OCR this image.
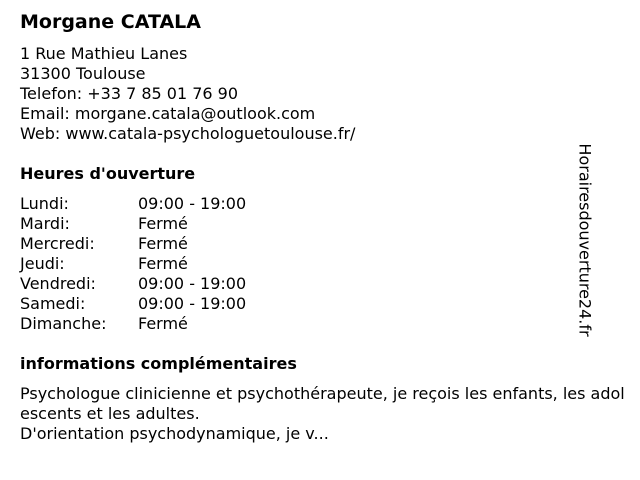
Morgane CATALA
1 Rue Mathieu Lanes
31300 Toulouse
Telefon: +33 7 85 01 76 90
Email: morgane.catala@outlook.com
Web: www.catala-psychologuetoulouse.fr/
Heures d'ouverture
Lundi:	09:00 - 19:00
Mardi:	Fermé
Mercredi:	Fermé
Jeudi:	Fermé
Vendredi:	09:00 - 19:00
Samedi:	09:00 - 19:00
Dimanche: Fermé
informations complémentaires
Psychologue clinicienne et psychothérapeute, je reçois les enfants, les adolescents et les adultes.
D'orientation psychodynamique, je v...
Horairesdouverture24.fr
